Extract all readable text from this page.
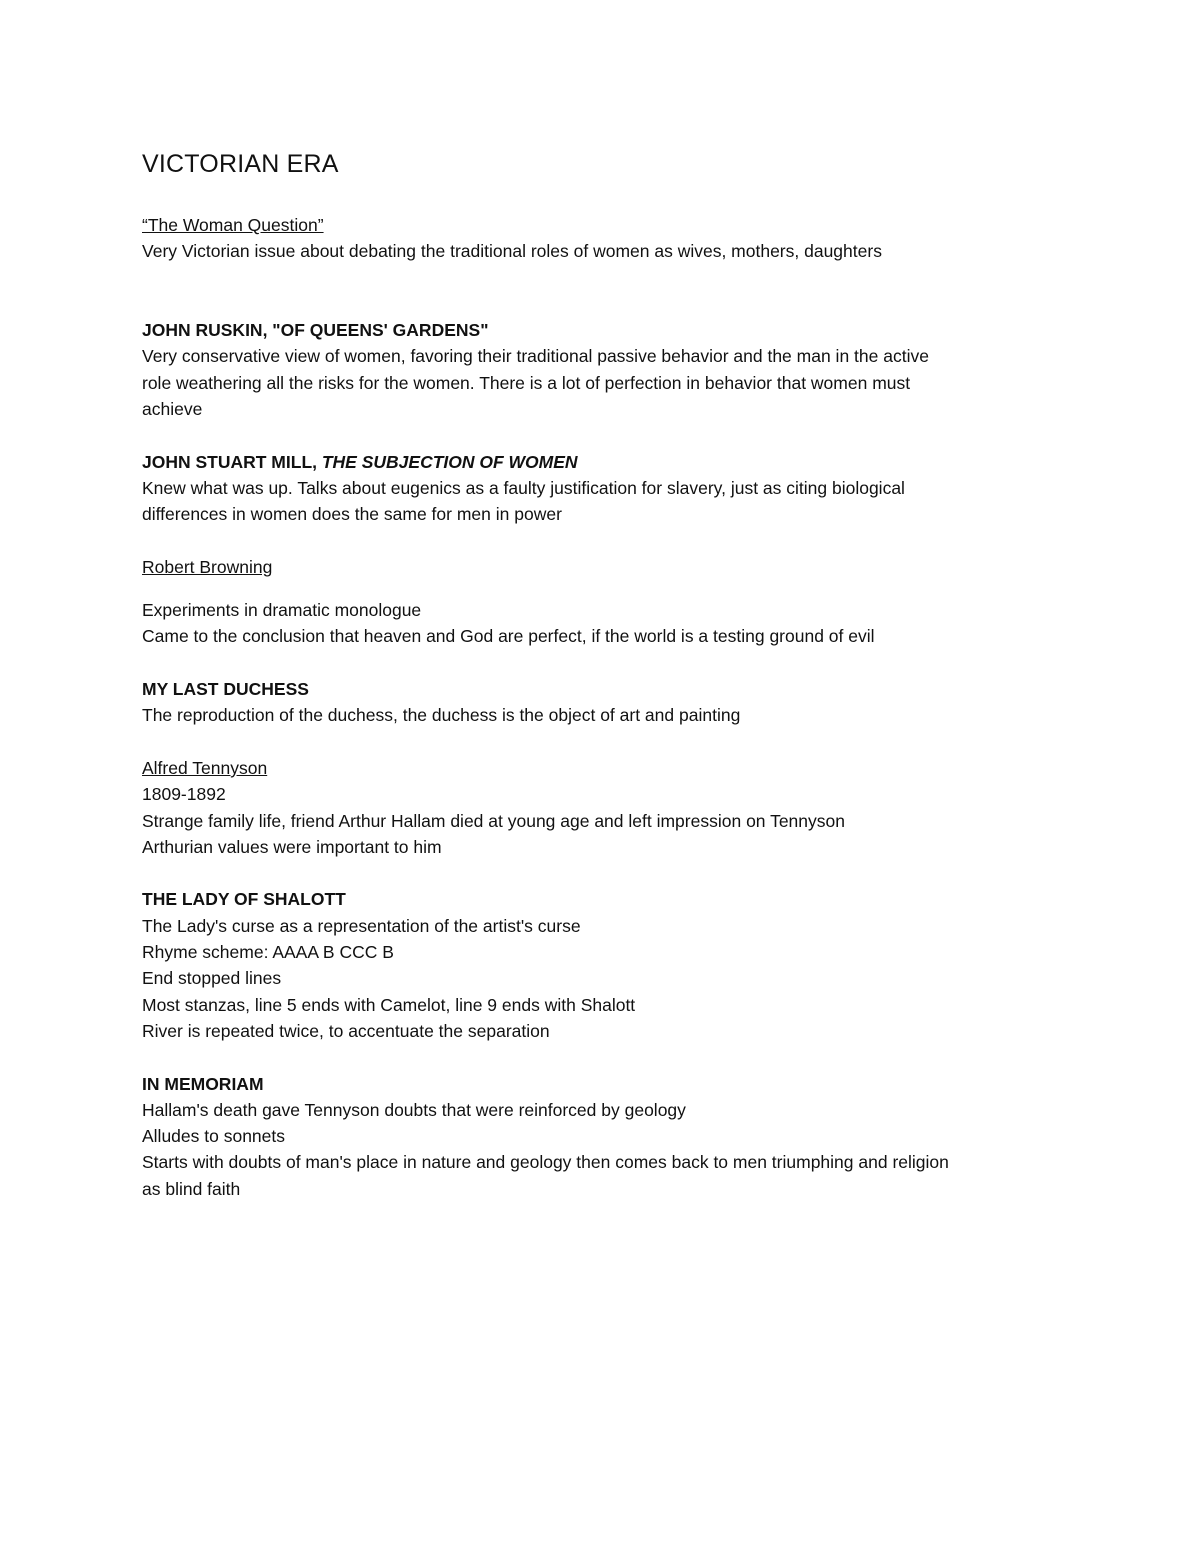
VICTORIAN ERA

“The Woman Question”

Very Victorian issue about debating the traditional roles of women as wives, mothers, daughters

JOHN RUSKIN, "OF QUEENS' GARDENS"

Very conservative view of women, favoring their traditional passive behavior and the man in the active

role weathering all the risks for the women. There is a lot of perfection in behavior that women must

achieve

JOHN STUART MILL, THE SUBJECTION OF WOMEN

Knew what was up. Talks about eugenics as a faulty justification for slavery, just as citing biological

differences in women does the same for men in power

Robert Browning

Experiments in dramatic monologue

Came to the conclusion that heaven and God are perfect, if the world is a testing ground of evil

MY LAST DUCHESS

The reproduction of the duchess, the duchess is the object of art and painting

Alfred Tennyson

1809-1892

Strange family life, friend Arthur Hallam died at young age and left impression on Tennyson

Arthurian values were important to him

THE LADY OF SHALOTT

The Lady's curse as a representation of the artist's curse

Rhyme scheme: AAAA B CCC B

End stopped lines

Most stanzas, line 5 ends with Camelot, line 9 ends with Shalott

River is repeated twice, to accentuate the separation

IN MEMORIAM

Hallam's death gave Tennyson doubts that were reinforced by geology

Alludes to sonnets

Starts with doubts of man's place in nature and geology then comes back to men triumphing and religion

as blind faith
